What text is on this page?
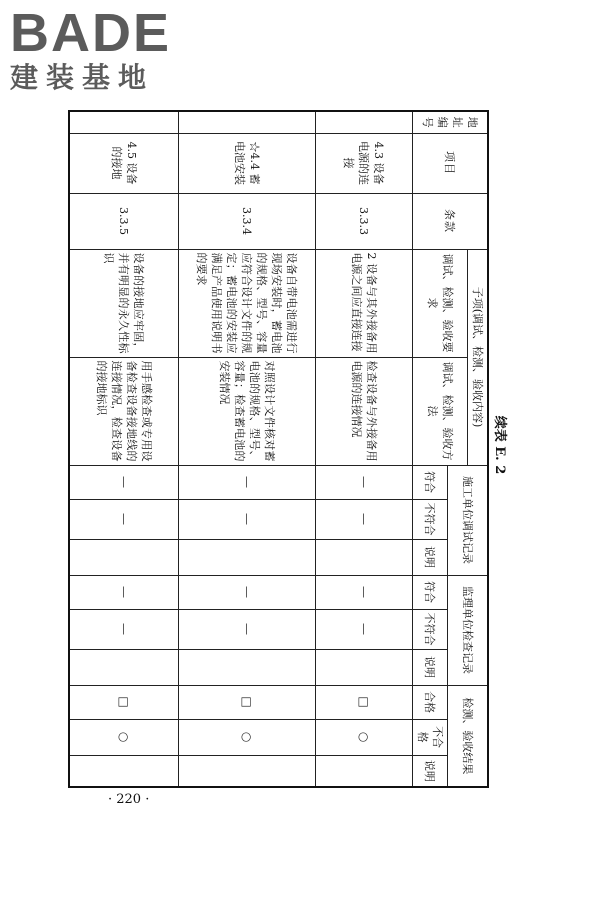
BADE
建装基地
续表 E. 2
地址编号	项目	条款	子项(调试、检测、验收内容)		施工单位调试记录			监理单位检查记录			检测、验收结果		
			调试、检测、验收要求	调试、检测、验收方法									
					符合	不符合	说明	符合	不符合	说明	合格	不合格	说明
	4.3 设备电源的连接	3.3.3	2 设备与其外接备用电源之间应直接连接	检查设备与外接备用电源的连接情况	—	—		—	—		□	○	
	☆4.4 蓄电池安装	3.3.4	设备自带电池需进行现场安装时，蓄电池的规格、型号、容量应符合设计文件的规定；蓄电池的安装应满足产品使用说明书的要求	对照设计文件核对蓄电池的规格、型号、容量；检查蓄电池的安装情况	—	—		—	—		□	○	
	4.5 设备的接地	3.3.5	设备的接地应牢固，并有明显的永久性标识	用手感检查或专用设备检查设备接地线的连接情况，检查设备的接地标识	—	—		—	—		□	○	
· 220 ·
